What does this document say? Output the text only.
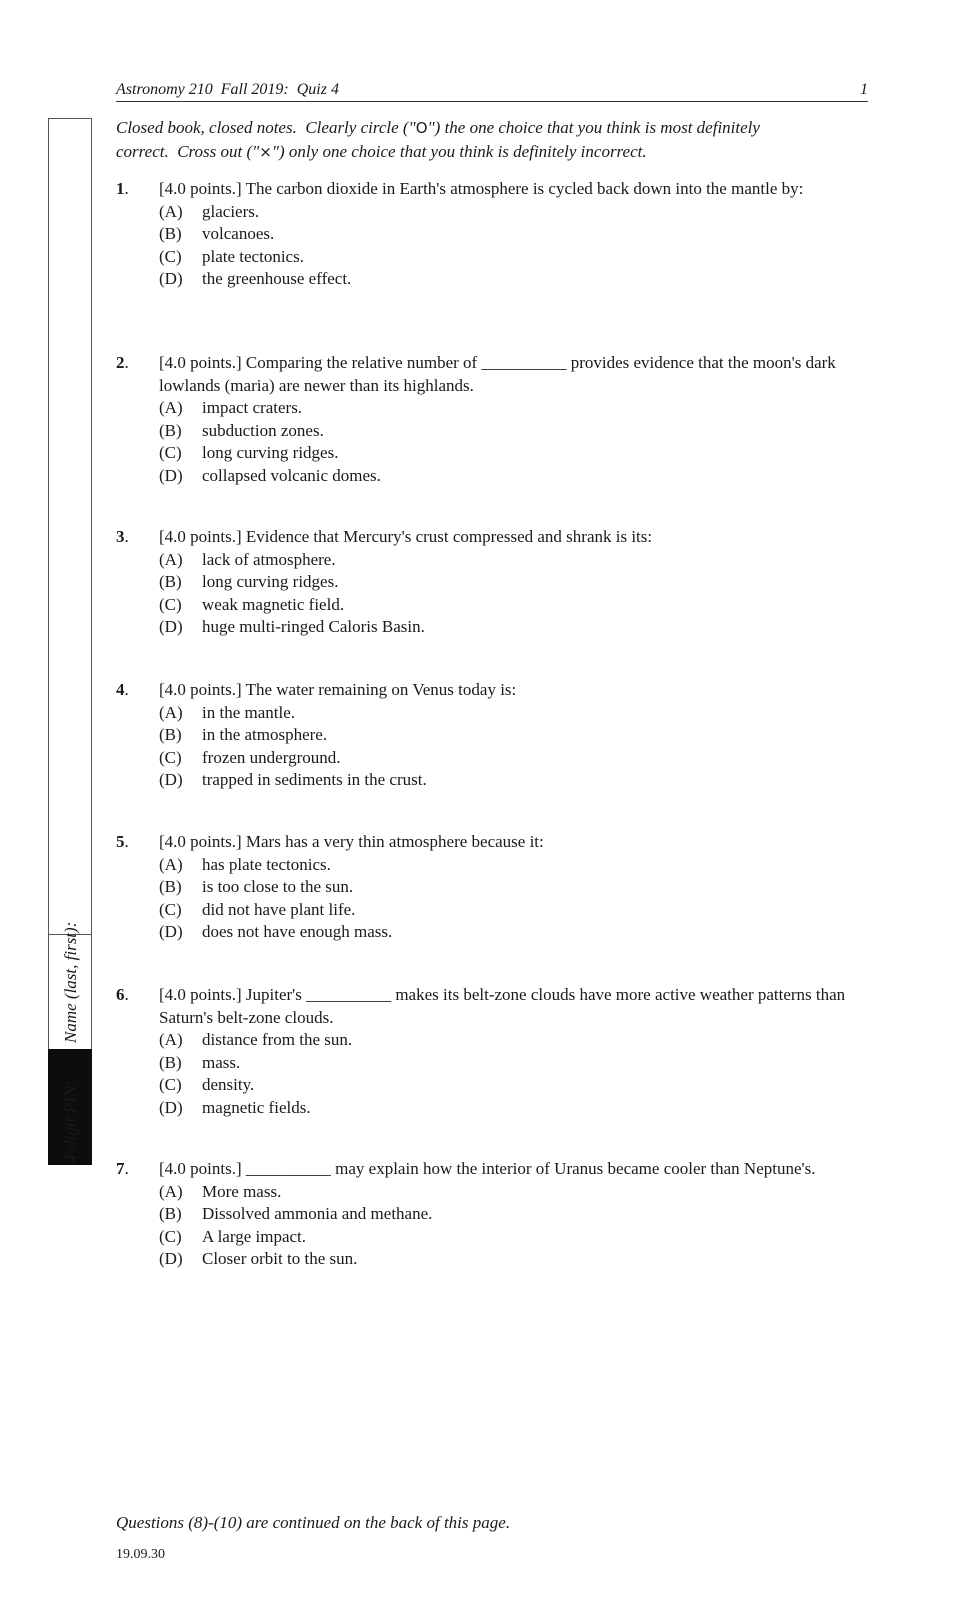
Astronomy 210  Fall 2019:  Quiz 4	1
Closed book, closed notes.  Clearly circle ("O") the one choice that you think is most definitely
correct.  Cross out ("×") only one choice that you think is definitely incorrect.
Name (last, first):
4-digit PIN:
Quiz 4
1. [4.0 points.] The carbon dioxide in Earth's atmosphere is cycled back down into the mantle by:
(A) glaciers.
(B) volcanoes.
(C) plate tectonics.
(D) the greenhouse effect.
2. [4.0 points.] Comparing the relative number of __________ provides evidence that the moon's dark lowlands (maria) are newer than its highlands.
(A) impact craters.
(B) subduction zones.
(C) long curving ridges.
(D) collapsed volcanic domes.
3. [4.0 points.] Evidence that Mercury's crust compressed and shrank is its:
(A) lack of atmosphere.
(B) long curving ridges.
(C) weak magnetic field.
(D) huge multi-ringed Caloris Basin.
4. [4.0 points.] The water remaining on Venus today is:
(A) in the mantle.
(B) in the atmosphere.
(C) frozen underground.
(D) trapped in sediments in the crust.
5. [4.0 points.] Mars has a very thin atmosphere because it:
(A) has plate tectonics.
(B) is too close to the sun.
(C) did not have plant life.
(D) does not have enough mass.
6. [4.0 points.] Jupiter's __________ makes its belt-zone clouds have more active weather patterns than Saturn's belt-zone clouds.
(A) distance from the sun.
(B) mass.
(C) density.
(D) magnetic fields.
7. [4.0 points.] __________ may explain how the interior of Uranus became cooler than Neptune's.
(A) More mass.
(B) Dissolved ammonia and methane.
(C) A large impact.
(D) Closer orbit to the sun.
Questions (8)-(10) are continued on the back of this page.
19.09.30
